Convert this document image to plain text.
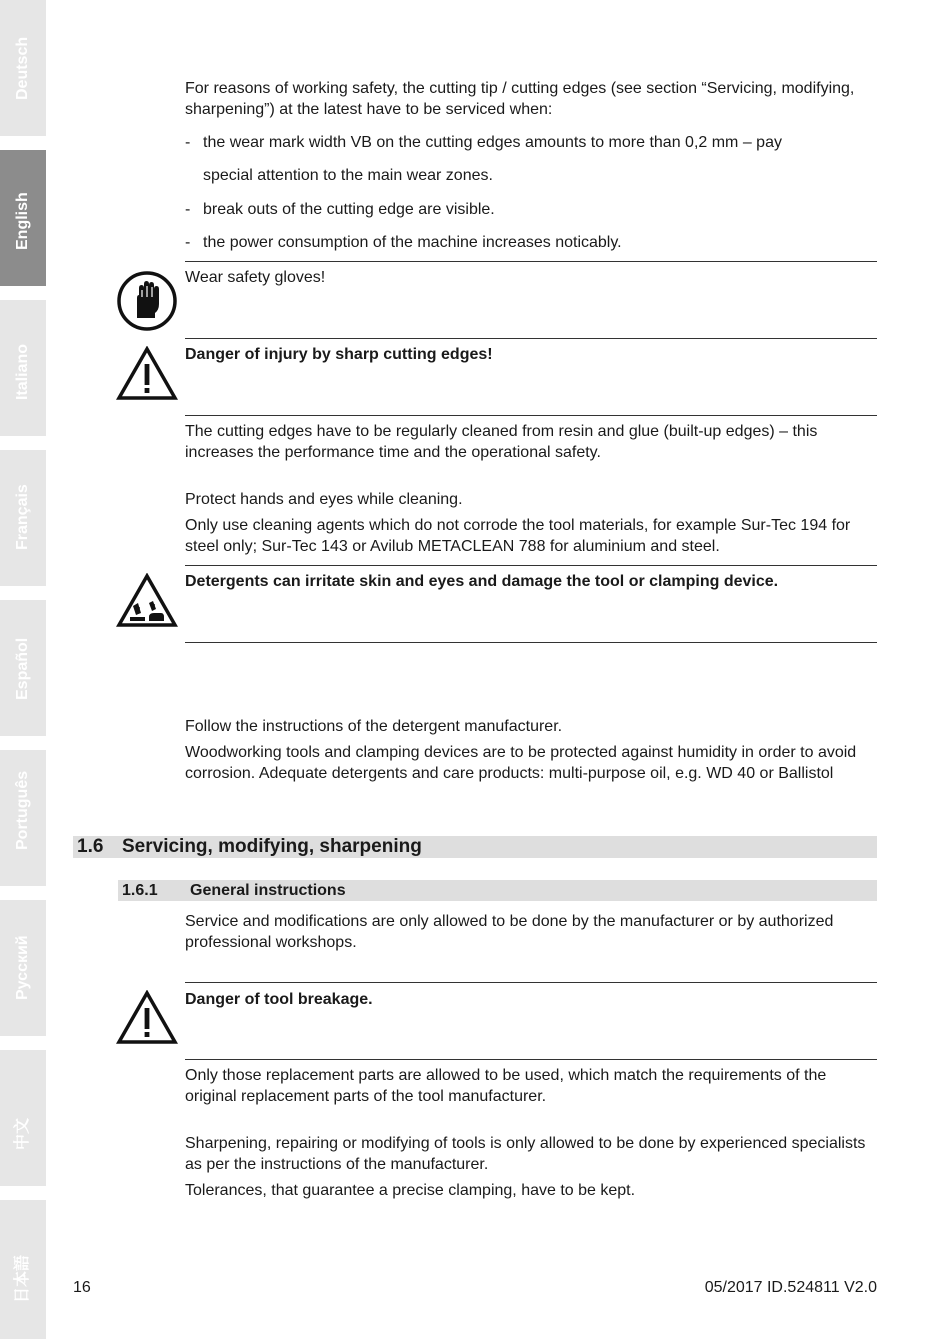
Deutsch
English
Italiano
Français
Español
Português
Русский
中文
日本語
For reasons of working safety, the cutting tip / cutting edges (see section “Servicing, modifying, sharpening”) at the latest have to be serviced when:
- the wear mark width VB on the cutting edges amounts to more than 0,2 mm – pay
special attention to the main wear zones.
- break outs of the cutting edge are visible.
- the power consumption of the machine increases noticably.
Wear safety gloves!
Danger of injury by sharp cutting edges!
The cutting edges have to be regularly cleaned from resin and glue (built-up edges) – this increases the performance time and the operational safety.
Protect hands and eyes while cleaning.
Only use cleaning agents which do not corrode the tool materials, for example Sur-Tec 194 for steel only; Sur-Tec 143 or Avilub METACLEAN 788 for aluminium and steel.
Detergents can irritate skin and eyes and damage the tool or clamping device.
Follow the instructions of the detergent manufacturer.
Woodworking tools and clamping devices are to be protected against humidity in order to avoid corrosion. Adequate detergents and care products: multi-purpose oil, e.g. WD 40 or Ballistol
1.6 Servicing, modifying, sharpening
1.6.1 General instructions
Service and modifications are only allowed to be done by the manufacturer or by authorized professional workshops.
Danger of tool breakage.
Only those replacement parts are allowed to be used, which match the requirements of the original replacement parts of the tool manufacturer.
Sharpening, repairing or modifying of tools is only allowed to be done by experienced specialists as per the instructions of the manufacturer.
Tolerances, that guarantee a precise clamping, have to be kept.
16	05/2017 ID.524811 V2.0
